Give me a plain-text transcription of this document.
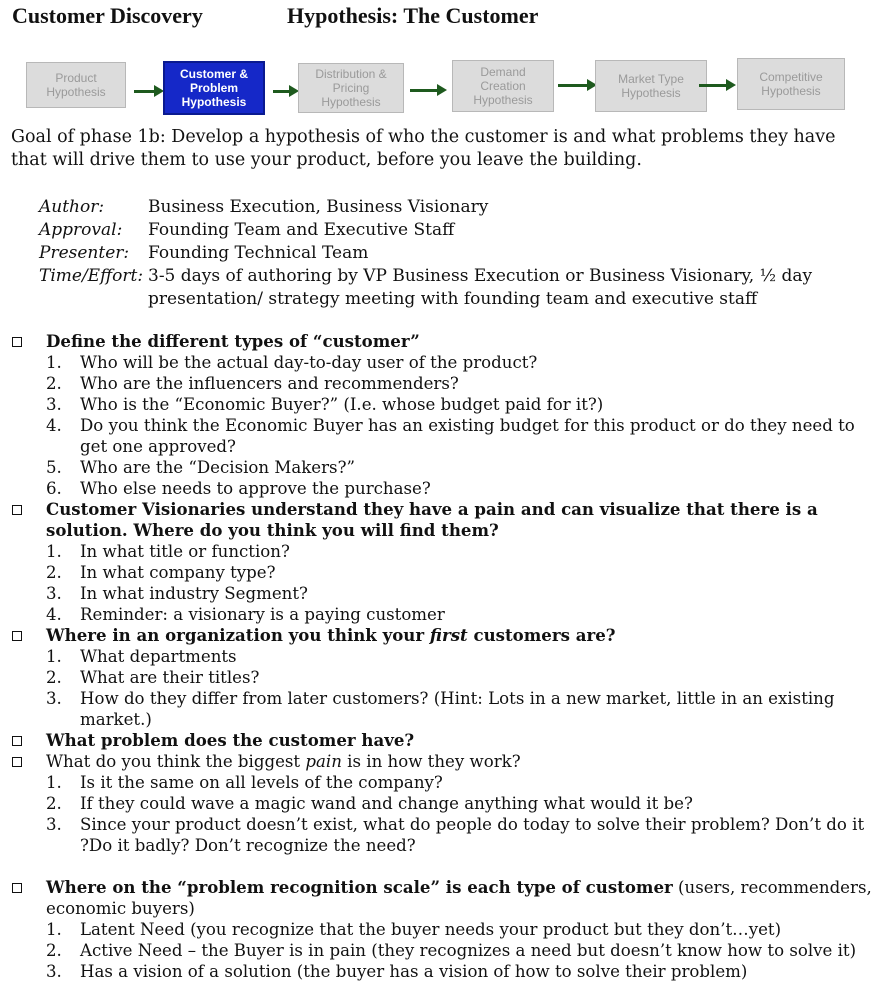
Customer Discovery	Hypothesis: The Customer
Product
Hypothesis
Customer &
Problem
Hypothesis
Distribution &
Pricing
Hypothesis
Demand
Creation
Hypothesis
Market Type
Hypothesis
Competitive
Hypothesis
Goal of phase 1b: Develop a hypothesis of who the customer is and what problems they have that will drive them to use your product, before you leave the building.
Author:	Business Execution, Business Visionary
Approval:	Founding Team and Executive Staff
Presenter:	Founding Technical Team
Time/Effort: 3-5 days of authoring by VP Business Execution or Business Visionary, ½ day presentation/ strategy meeting with founding team and executive staff
Define the different types of “customer”
1. Who will be the actual day-to-day user of the product?
2. Who are the influencers and recommenders?
3. Who is the “Economic Buyer?” (I.e. whose budget paid for it?)
4. Do you think the Economic Buyer has an existing budget for this product or do they need to get one approved?
5. Who are the “Decision Makers?”
6. Who else needs to approve the purchase?
Customer Visionaries understand they have a pain and can visualize that there is a solution. Where do you think you will find them?
1. In what title or function?
2. In what company type?
3. In what industry Segment?
4. Reminder: a visionary is a paying customer
Where in an organization you think your first customers are?
1. What departments
2. What are their titles?
3. How do they differ from later customers? (Hint: Lots in a new market, little in an existing market.)
What problem does the customer have?
What do you think the biggest pain is in how they work?
1. Is it the same on all levels of the company?
2. If they could wave a magic wand and change anything what would it be?
3. Since your product doesn’t exist, what do people do today to solve their problem? Don’t do it ?Do it badly? Don’t recognize the need?
Where on the “problem recognition scale” is each type of customer (users, recommenders, economic buyers)
1. Latent Need (you recognize that the buyer needs your product but they don’t…yet)
2. Active Need – the Buyer is in pain (they recognizes a need but doesn’t know how to solve it)
3. Has a vision of a solution (the buyer has a vision of how to solve their problem)
